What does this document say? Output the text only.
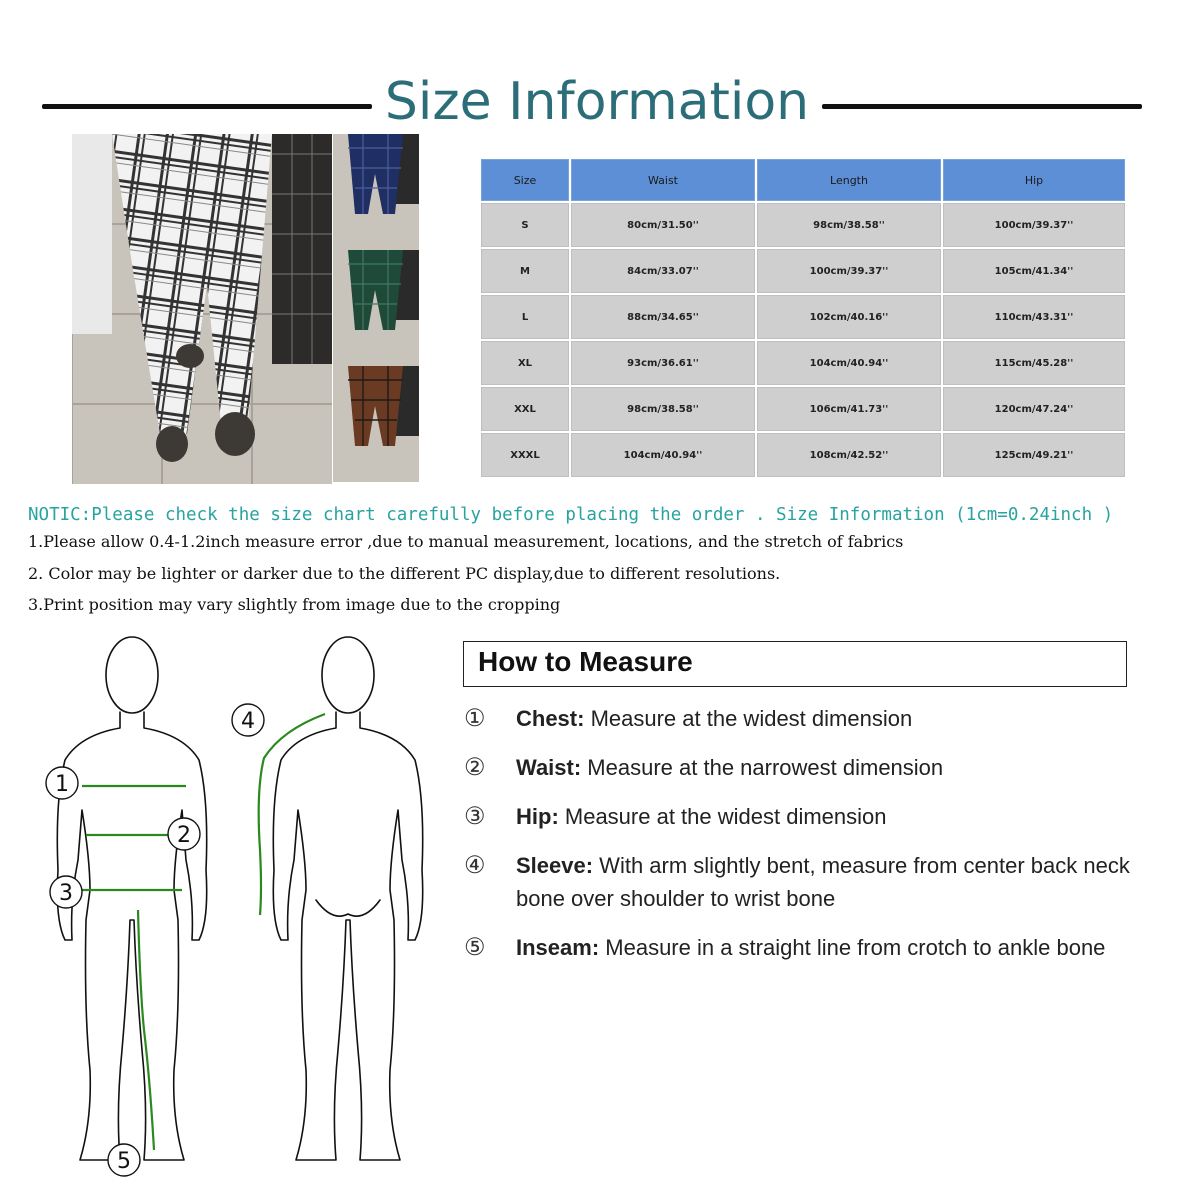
Size Information
Size	Waist	Length	Hip
S	80cm/31.50''	98cm/38.58''	100cm/39.37''
M	84cm/33.07''	100cm/39.37''	105cm/41.34''
L	88cm/34.65''	102cm/40.16''	110cm/43.31''
XL	93cm/36.61''	104cm/40.94''	115cm/45.28''
XXL	98cm/38.58''	106cm/41.73''	120cm/47.24''
XXXL	104cm/40.94''	108cm/42.52''	125cm/49.21''
NOTIC:Please check the size chart carefully before placing the order . Size Information (1cm=0.24inch )
1.Please allow 0.4-1.2inch measure error ,due to manual measurement, locations, and the stretch of fabrics
2. Color may be lighter or darker due to the different PC display,due to different resolutions.
3.Print position may vary slightly from image due to the cropping
1
2
3
4
5
How to Measure
①	Chest: Measure at the widest dimension
②	Waist: Measure at the narrowest dimension
③	Hip: Measure at the widest dimension
④	Sleeve: With arm slightly bent, measure from center back neck bone over shoulder to wrist bone
⑤	Inseam: Measure in a straight line from crotch to ankle bone
